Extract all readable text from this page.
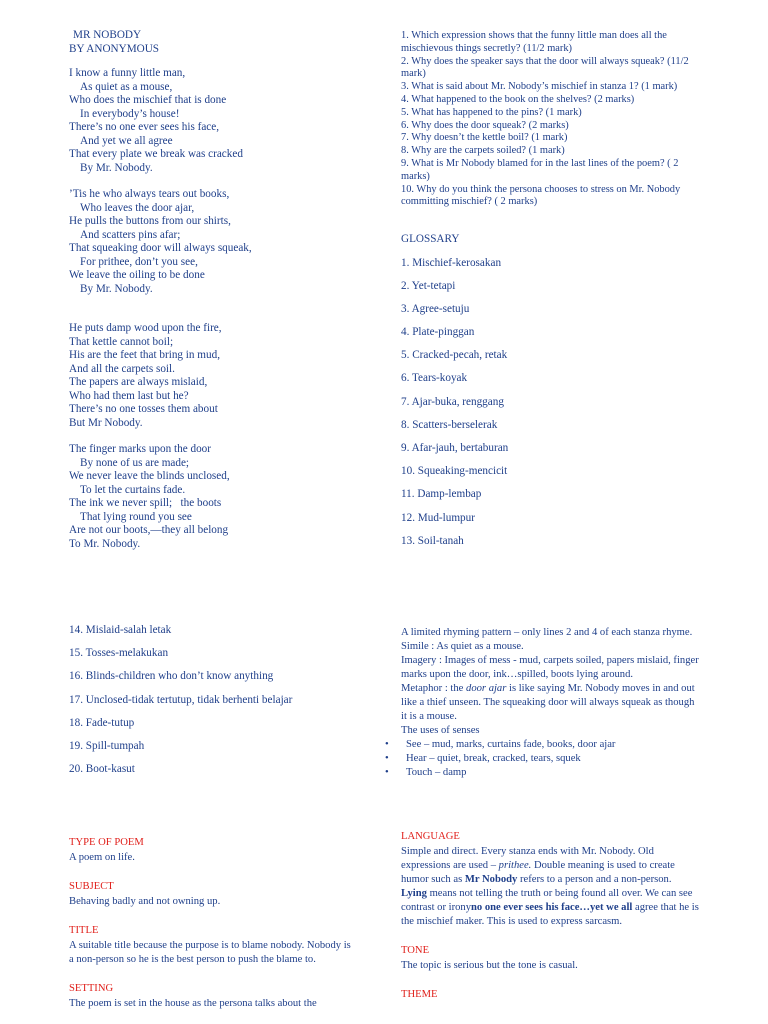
MR NOBODY
BY ANONYMOUS
I know a funny little man,
As quiet as a mouse,
Who does the mischief that is done
In everybody’s house!
There’s no one ever sees his face,
And yet we all agree
That every plate we break was cracked
By Mr. Nobody.
’Tis he who always tears out books,
Who leaves the door ajar,
He pulls the buttons from our shirts,
And scatters pins afar;
That squeaking door will always squeak,
For prithee, don’t you see,
We leave the oiling to be done
By Mr. Nobody.
He puts damp wood upon the fire,
That kettle cannot boil;
His are the feet that bring in mud,
And all the carpets soil.
The papers are always mislaid,
Who had them last but he?
There’s no one tosses them about
But Mr Nobody.
The finger marks upon the door
By none of us are made;
We never leave the blinds unclosed,
To let the curtains fade.
The ink we never spill;   the boots
That lying round you see
Are not our boots,—they all belong
To Mr. Nobody.
1. Which expression shows that the funny little man does all the mischievous things secretly? (11/2 mark)
2. Why does the speaker says that the door will always squeak? (11/2 mark)
3. What is said about Mr. Nobody’s mischief in stanza 1? (1 mark)
4. What happened to the book on the shelves? (2 marks)
5. What has happened to the pins? (1 mark)
6. Why does the door squeak? (2 marks)
7. Why doesn’t the kettle boil? (1 mark)
8. Why are the carpets soiled? (1 mark)
9. What is Mr Nobody blamed for in the last lines of the poem? ( 2 marks)
10. Why do you think the persona chooses to stress on Mr. Nobody committing mischief? ( 2 marks)
GLOSSARY
1. Mischief-kerosakan
2. Yet-tetapi
3. Agree-setuju
4. Plate-pinggan
5. Cracked-pecah, retak
6. Tears-koyak
7. Ajar-buka, renggang
8. Scatters-berselerak
9. Afar-jauh, bertaburan
10. Squeaking-mencicit
11. Damp-lembap
12. Mud-lumpur
13. Soil-tanah
14. Mislaid-salah letak
15. Tosses-melakukan
16. Blinds-children who don’t know anything
17. Unclosed-tidak tertutup, tidak berhenti belajar
18. Fade-tutup
19. Spill-tumpah
20. Boot-kasut
A limited rhyming pattern – only lines 2 and 4 of each stanza rhyme.
Simile : As quiet as a mouse.
Imagery : Images of mess - mud, carpets soiled, papers mislaid, finger marks upon the door, ink…spilled, boots lying around.
Metaphor : the door ajar is like saying Mr. Nobody moves in and out like a thief unseen. The squeaking door will always squeak as though it is a mouse.
The uses of senses
• See – mud, marks, curtains fade, books, door ajar
• Hear – quiet, break, cracked, tears, squek
• Touch – damp
TYPE OF POEM
A poem on life.
SUBJECT
Behaving badly and not owning up.
TITLE
A suitable title because the purpose is to blame nobody. Nobody is a non-person so he is the best person to push the blame to.
SETTING
The poem is set in the house as the persona talks about the
LANGUAGE
Simple and direct. Every stanza ends with Mr. Nobody. Old expressions are used – prithee. Double meaning is used to create humor such as Mr Nobody refers to a person and a non-person. Lying means not telling the truth or being found all over. We can see contrast or ironyno one ever sees his face…yet we all agree that he is the mischief maker. This is used to express sarcasm.
TONE
The topic is serious but the tone is casual.
THEME
